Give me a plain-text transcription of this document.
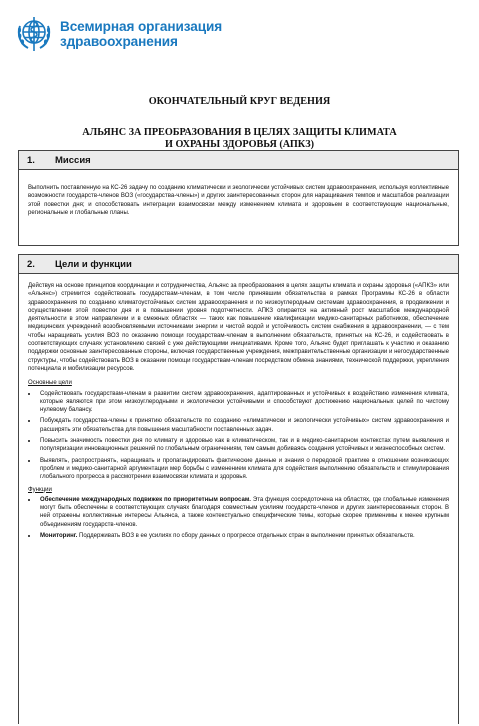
Всемирная организация
здравоохранения
ОКОНЧАТЕЛЬНЫЙ КРУГ ВЕДЕНИЯ
АЛЬЯНС ЗА ПРЕОБРАЗОВАНИЯ В ЦЕЛЯХ ЗАЩИТЫ КЛИМАТА
И ОХРАНЫ ЗДОРОВЬЯ (АПКЗ)
1.	Миссия
Выполнить поставленную на КС-26 задачу по созданию климатически и экологически устойчивых систем здравоохранения, используя коллективные возможности государств-членов ВОЗ («государства-члены») и других заинтересованных сторон для наращивания темпов и масштабов реализации этой повестки дня; и способствовать интеграции взаимосвязи между изменением климата и здоровьем в соответствующие национальные, региональные и глобальные планы.
2.	Цели и функции
Действуя на основе принципов координации и сотрудничества, Альянс за преобразования в целях защиты климата и охраны здоровья («АПКЗ» или «Альянс») стремится содействовать государствам-членам, в том числе принявшим обязательства в рамках Программы КС-26 в области здравоохранения по созданию климатоустойчивых систем здравоохранения и по низкоуглеродным системам здравоохранения, в продвижении и осуществлении этой повестки дня и в повышении уровня подотчетности. АПКЗ опирается на активный рост масштабов международной деятельности в этом направлении и в смежных областях — таких как повышение квалификации медико-санитарных работников, обеспечение медицинских учреждений возобновляемыми источниками энергии и чистой водой и устойчивость систем снабжения в здравоохранении, — с тем чтобы наращивать усилия ВОЗ по оказанию помощи государствам-членам в выполнении обязательств, принятых на КС-26, и содействовать в соответствующих случаях установлению связей с уже действующими инициативами. Кроме того, Альянс будет приглашать к участию и оказанию поддержки основные заинтересованные стороны, включая государственные учреждения, межправительственные организации и негосударственные структуры, чтобы содействовать ВОЗ в оказании помощи государствам-членам посредством обмена знаниями, технической поддержки, укрепления потенциала и мобилизации ресурсов.
Основные цели
• Содействовать государствам-членам в развитии систем здравоохранения, адаптированных и устойчивых к воздействию изменения климата, которые являются при этом низкоуглеродными и экологически устойчивыми и способствуют достижению национальных целей по чистому нулевому балансу.
• Побуждать государства-члены к принятию обязательств по созданию «климатически и экологически устойчивых» систем здравоохранения и расширять эти обязательства для повышения масштабности поставленных задач.
• Повысить значимость повестки дня по климату и здоровью как в климатическом, так и в медико-санитарном контекстах путем выявления и популяризации инновационных решений по глобальным ограничениям, тем самым добиваясь создания устойчивых и жизнеспособных систем.
• Выявлять, распространять, наращивать и пропагандировать фактические данные и знания о передовой практике в отношении возникающих проблем и медико-санитарной аргументации мер борьбы с изменением климата для содействия выполнению обязательств и стимулирования глобального прогресса в рассмотрении взаимосвязи климата и здоровья.
Функции
• Обеспечение международных подвижек по приоритетным вопросам. Эта функция сосредоточена на областях, где глобальные изменения могут быть обеспечены в соответствующих случаях благодаря совместным усилиям государств-членов и других заинтересованных сторон. В ней отражены коллективные интересы Альянса, а также контекстуально специфические темы, которые скорее применимы к менее крупным объединениям государств-членов.
• Мониторинг. Поддерживать ВОЗ в ее усилиях по сбору данных о прогрессе отдельных стран в выполнении принятых обязательств.
